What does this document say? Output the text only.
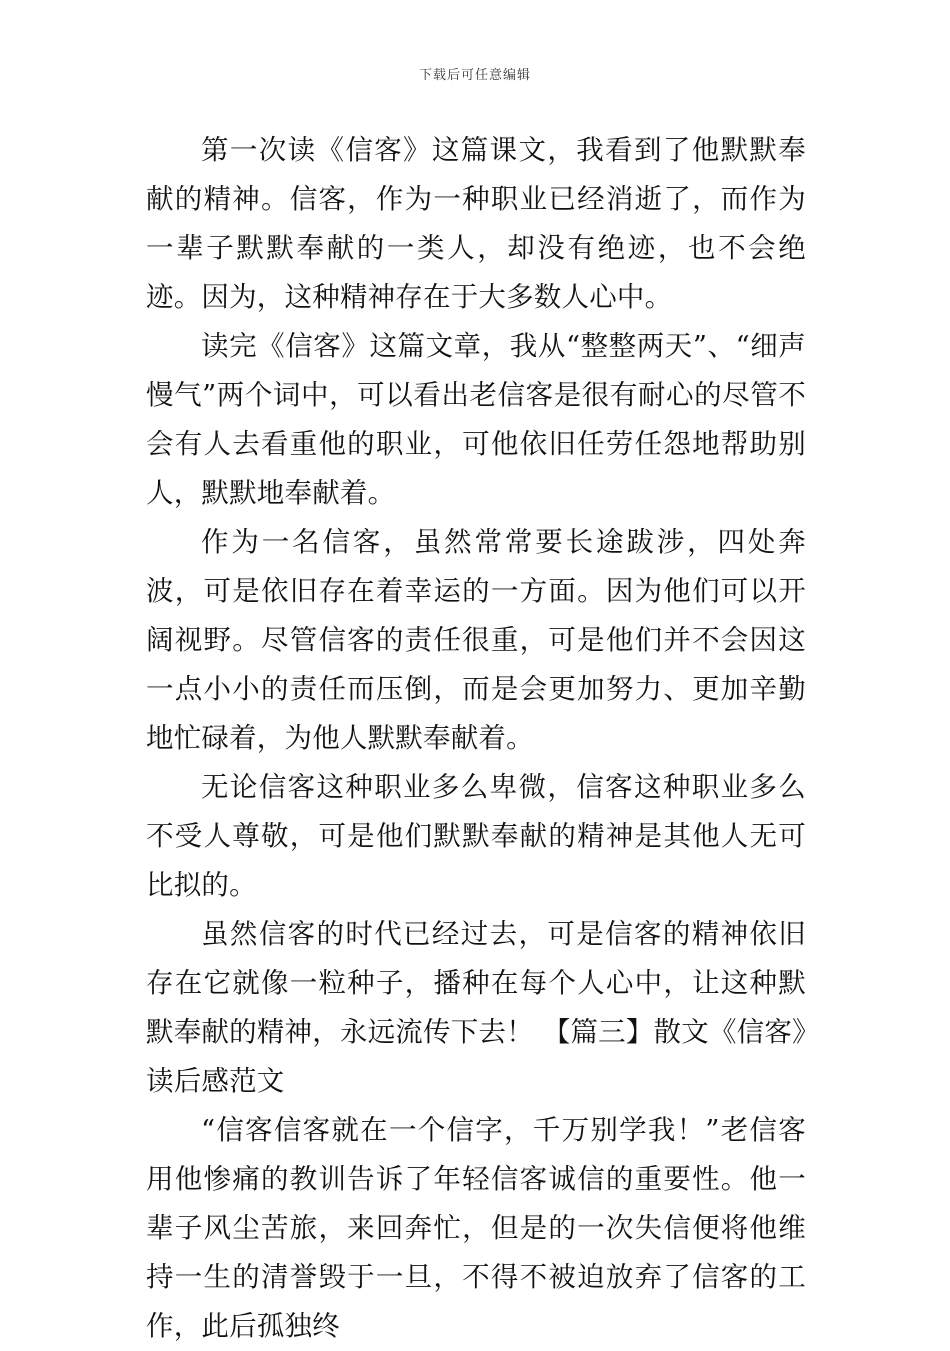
下载后可任意编辑

第一次读《信客》这篇课文，我看到了他默默奉献的精神。信客，作为一种职业已经消逝了，而作为一辈子默默奉献的一类人，却没有绝迹，也不会绝迹。因为，这种精神存在于大多数人心中。

读完《信客》这篇文章，我从“整整两天”、“细声慢气”两个词中，可以看出老信客是很有耐心的尽管不会有人去看重他的职业，可他依旧任劳任怨地帮助别人，默默地奉献着。

作为一名信客，虽然常常要长途跋涉，四处奔波，可是依旧存在着幸运的一方面。因为他们可以开阔视野。尽管信客的责任很重，可是他们并不会因这一点小小的责任而压倒，而是会更加努力、更加辛勤地忙碌着，为他人默默奉献着。

无论信客这种职业多么卑微，信客这种职业多么不受人尊敬，可是他们默默奉献的精神是其他人无可比拟的。

虽然信客的时代已经过去，可是信客的精神依旧存在它就像一粒种子，播种在每个人心中，让这种默默奉献的精神，永远流传下去！ 【篇三】散文《信客》读后感范文

“信客信客就在一个信字，千万别学我！”老信客用他惨痛的教训告诉了年轻信客诚信的重要性。他一辈子风尘苦旅，来回奔忙，但是的一次失信便将他维持一生的清誉毁于一旦，不得不被迫放弃了信客的工作，此后孤独终
